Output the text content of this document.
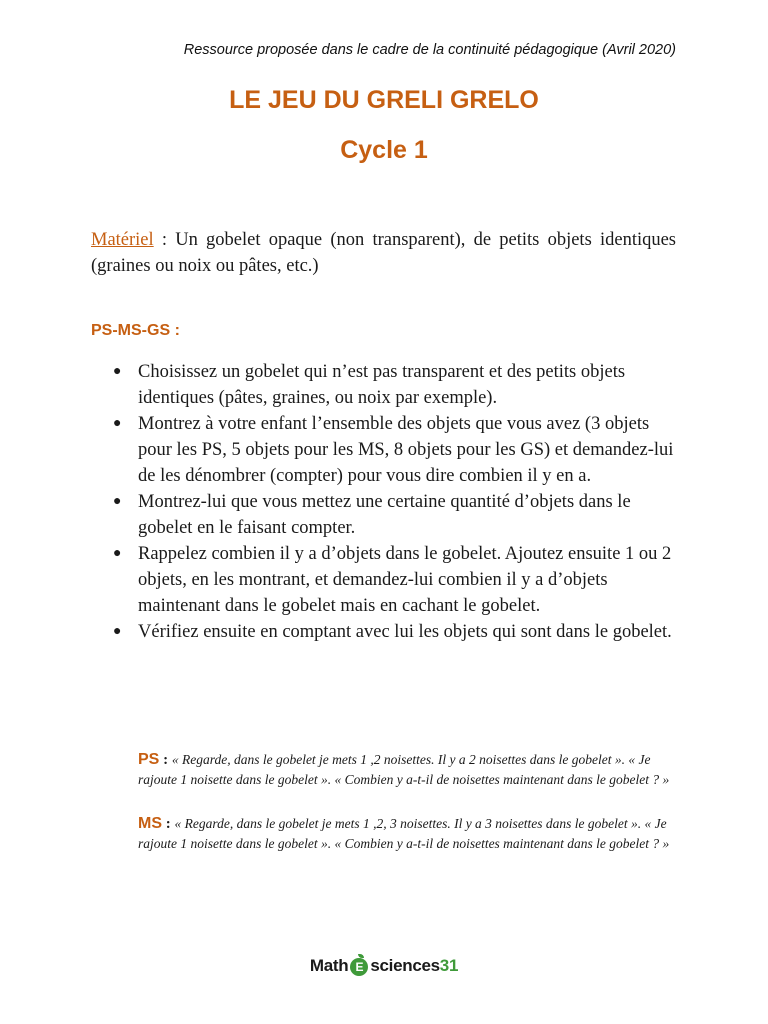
Ressource proposée dans le cadre de la continuité pédagogique (Avril 2020)
LE JEU DU GRELI GRELO
Cycle 1
Matériel : Un gobelet opaque (non transparent), de petits objets identiques (graines ou noix ou pâtes, etc.)
PS-MS-GS :
● Choisissez un gobelet qui n’est pas transparent et des petits objets identiques (pâtes, graines, ou noix par exemple).
● Montrez à votre enfant l’ensemble des objets que vous avez (3 objets pour les PS, 5 objets pour les MS, 8 objets pour les GS) et demandez-lui de les dénombrer (compter) pour vous dire combien il y en a.
● Montrez-lui que vous mettez une certaine quantité d’objets dans le gobelet en le faisant compter.
● Rappelez combien il y a d’objets dans le gobelet. Ajoutez ensuite 1 ou 2 objets, en les montrant, et demandez-lui combien il y a d’objets maintenant dans le gobelet mais en cachant le gobelet.
● Vérifiez ensuite en comptant avec lui les objets qui sont dans le gobelet.
PS : « Regarde, dans le gobelet je mets 1 ,2 noisettes. Il y a 2 noisettes dans le gobelet ». « Je rajoute 1 noisette dans le gobelet ». « Combien y a-t-il de noisettes maintenant dans le gobelet ? »
MS : « Regarde, dans le gobelet je mets 1 ,2, 3 noisettes. Il y a 3 noisettes dans le gobelet ». « Je rajoute 1 noisette dans le gobelet ». « Combien y a-t-il de noisettes maintenant dans le gobelet ? »
Math E sciences31
